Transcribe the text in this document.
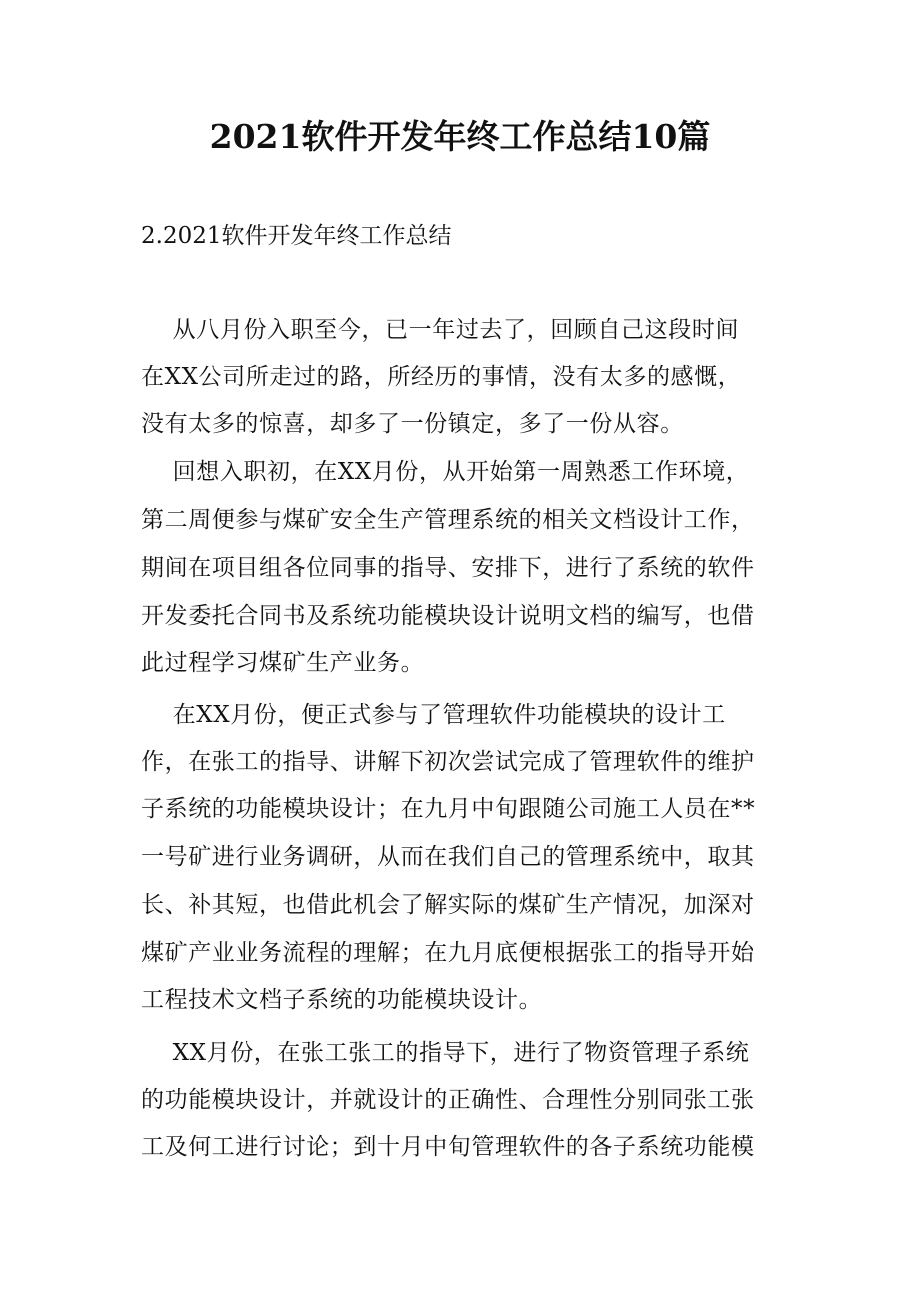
2021软件开发年终工作总结10篇

2.2021软件开发年终工作总结

从八月份入职至今，已一年过去了，回顾自己这段时间

在XX公司所走过的路，所经历的事情，没有太多的感慨，

没有太多的惊喜，却多了一份镇定，多了一份从容。

回想入职初，在XX月份，从开始第一周熟悉工作环境，

第二周便参与煤矿安全生产管理系统的相关文档设计工作，

期间在项目组各位同事的指导、安排下，进行了系统的软件

开发委托合同书及系统功能模块设计说明文档的编写，也借

此过程学习煤矿生产业务。

在XX月份，便正式参与了管理软件功能模块的设计工

作，在张工的指导、讲解下初次尝试完成了管理软件的维护

子系统的功能模块设计；在九月中旬跟随公司施工人员在**

一号矿进行业务调研，从而在我们自己的管理系统中，取其

长、补其短，也借此机会了解实际的煤矿生产情况，加深对

煤矿产业业务流程的理解；在九月底便根据张工的指导开始

工程技术文档子系统的功能模块设计。

XX月份，在张工张工的指导下，进行了物资管理子系统

的功能模块设计，并就设计的正确性、合理性分别同张工张

工及何工进行讨论；到十月中旬管理软件的各子系统功能模
